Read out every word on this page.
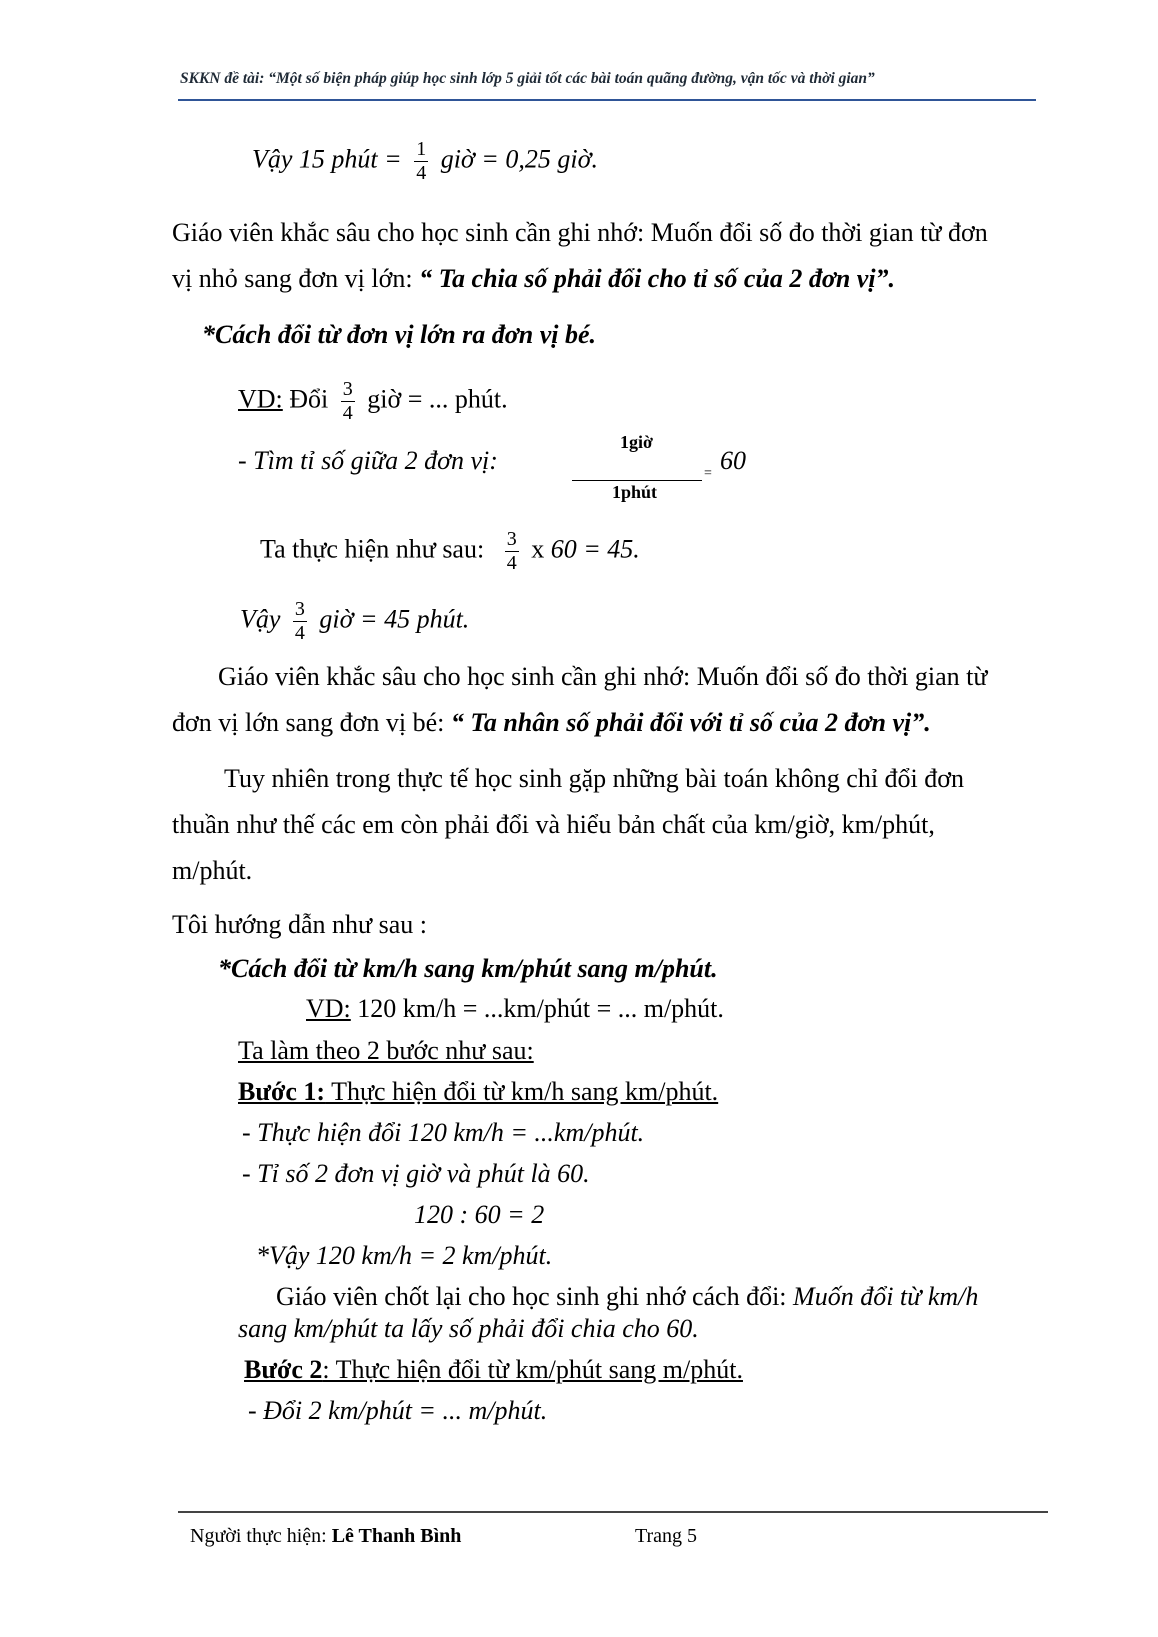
SKKN đề tài: “Một số biện pháp giúp học sinh lớp 5 giải tốt các bài toán quãng đường, vận tốc và thời gian”
Vậy 15 phút = $\frac{1}{4}$ giờ = 0,25 giờ.
Giáo viên khắc sâu cho học sinh cần ghi nhớ: Muốn đổi số đo thời gian từ đơn
vị nhỏ sang đơn vị lớn: “ Ta chia số phải đổi cho tỉ số của 2 đơn vị”.
*Cách đổi từ đơn vị lớn ra đơn vị bé.
VD: Đổi $\frac{3}{4}$ giờ = ... phút.
- Tìm tỉ số giữa 2 đơn vị:
1giờ
1phút
= 60
Ta thực hiện như sau: $\frac{3}{4}$ x 60 = 45.
Vậy $\frac{3}{4}$ giờ = 45 phút.
Giáo viên khắc sâu cho học sinh cần ghi nhớ: Muốn đổi số đo thời gian từ
đơn vị lớn sang đơn vị bé: “ Ta nhân số phải đổi với tỉ số của 2 đơn vị”.
Tuy nhiên trong thực tế học sinh gặp những bài toán không chỉ đổi đơn
thuần như thế các em còn phải đổi và hiểu bản chất của km/giờ, km/phút,
m/phút.
Tôi hướng dẫn như sau :
*Cách đổi từ km/h sang km/phút sang m/phút.
VD: 120 km/h = ...km/phút = ... m/phút.
Ta làm theo 2 bước như sau:
Bước 1: Thực hiện đổi từ km/h sang km/phút.
- Thực hiện đổi 120 km/h = ...km/phút.
- Tỉ số 2 đơn vị giờ và phút là 60.
120 : 60 = 2
*Vậy 120 km/h = 2 km/phút.
Giáo viên chốt lại cho học sinh ghi nhớ cách đổi: Muốn đổi từ km/h
sang km/phút ta lấy số phải đổi chia cho 60.
Bước 2: Thực hiện đổi từ km/phút sang m/phút.
- Đổi 2 km/phút = ... m/phút.
Người thực hiện: Lê Thanh Bình	Trang 5
